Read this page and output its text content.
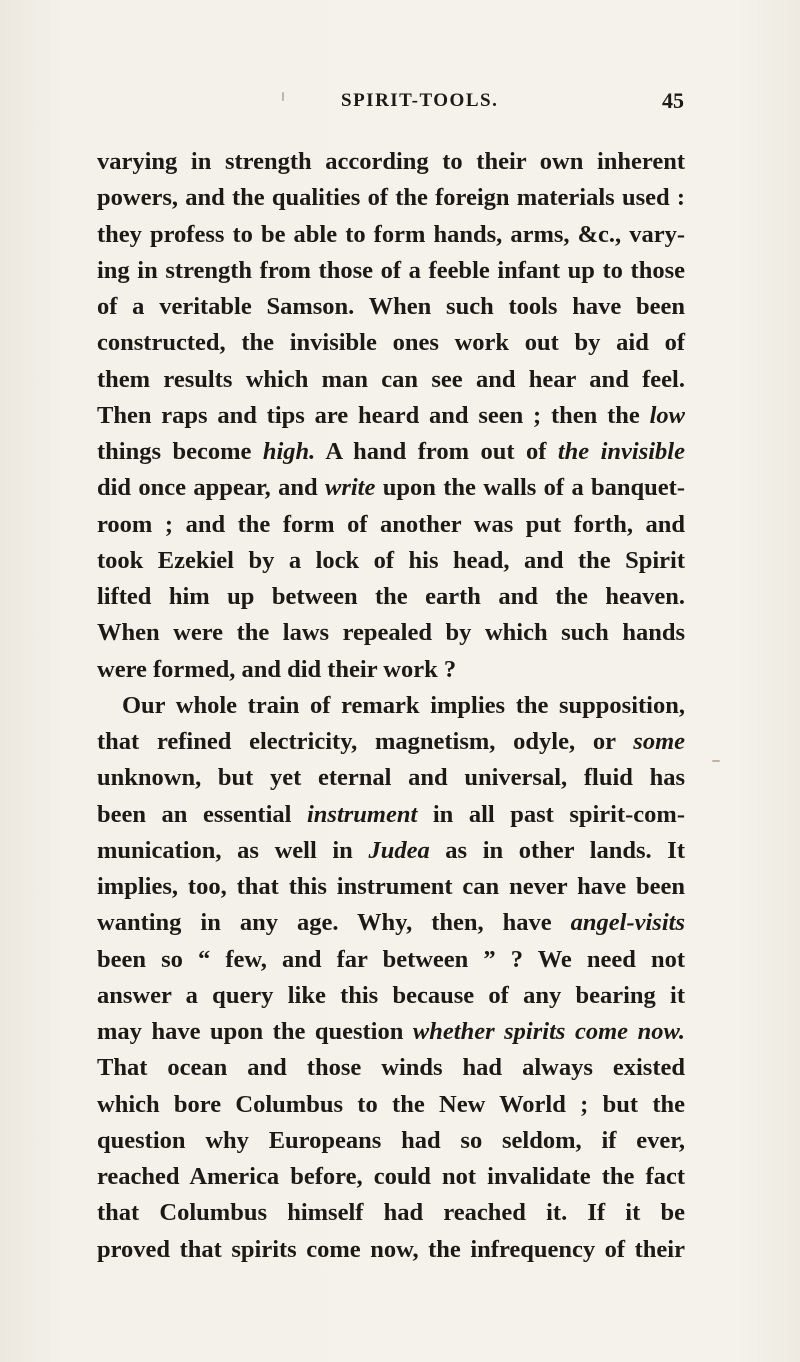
SPIRIT-TOOLS.	45
varying in strength according to their own inherent
powers, and the qualities of the foreign materials used :
they profess to be able to form hands, arms, &c., vary-
ing in strength from those of a feeble infant up to those
of a veritable Samson. When such tools have been
constructed, the invisible ones work out by aid of
them results which man can see and hear and feel.
Then raps and tips are heard and seen ; then the low
things become high. A hand from out of the invisible
did once appear, and write upon the walls of a banquet-
room ; and the form of another was put forth, and
took Ezekiel by a lock of his head, and the Spirit
lifted him up between the earth and the heaven.
When were the laws repealed by which such hands
were formed, and did their work ?
Our whole train of remark implies the supposition,
that refined electricity, magnetism, odyle, or some
unknown, but yet eternal and universal, fluid has
been an essential instrument in all past spirit-com-
munication, as well in Judea as in other lands. It
implies, too, that this instrument can never have been
wanting in any age. Why, then, have angel-visits
been so “ few, and far between ” ? We need not
answer a query like this because of any bearing it
may have upon the question whether spirits come now.
That ocean and those winds had always existed
which bore Columbus to the New World ; but the
question why Europeans had so seldom, if ever,
reached America before, could not invalidate the fact
that Columbus himself had reached it. If it be
proved that spirits come now, the infrequency of their
